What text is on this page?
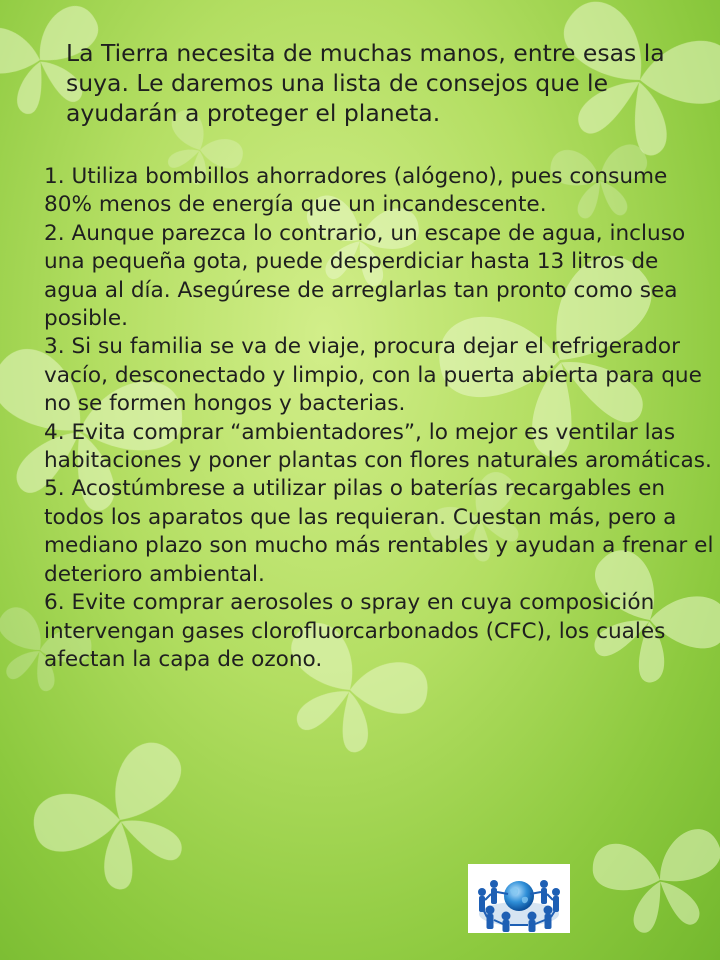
La Tierra necesita de muchas manos, entre esas la suya. Le daremos una lista de consejos que le ayudarán a proteger el planeta.

1. Utiliza bombillos ahorradores (alógeno), pues consume 80% menos de energía que un incandescente.
2. Aunque parezca lo contrario, un escape de agua, incluso una pequeña gota, puede desperdiciar hasta 13 litros de agua al día. Asegúrese de arreglarlas tan pronto como sea posible.
3. Si su familia se va de viaje, procura dejar el refrigerador vacío, desconectado y limpio, con la puerta abierta para que no se formen hongos y bacterias.
4. Evita comprar “ambientadores”, lo mejor es ventilar las habitaciones y poner plantas con flores naturales aromáticas.
5. Acostúmbrese a utilizar pilas o baterías recargables en todos los aparatos que las requieran. Cuestan más, pero a mediano plazo son mucho más rentables y ayudan a frenar el deterioro ambiental.
6. Evite comprar aerosoles o spray en cuya composición intervengan gases clorofluorcarbonados (CFC), los cuales afectan la capa de ozono.
